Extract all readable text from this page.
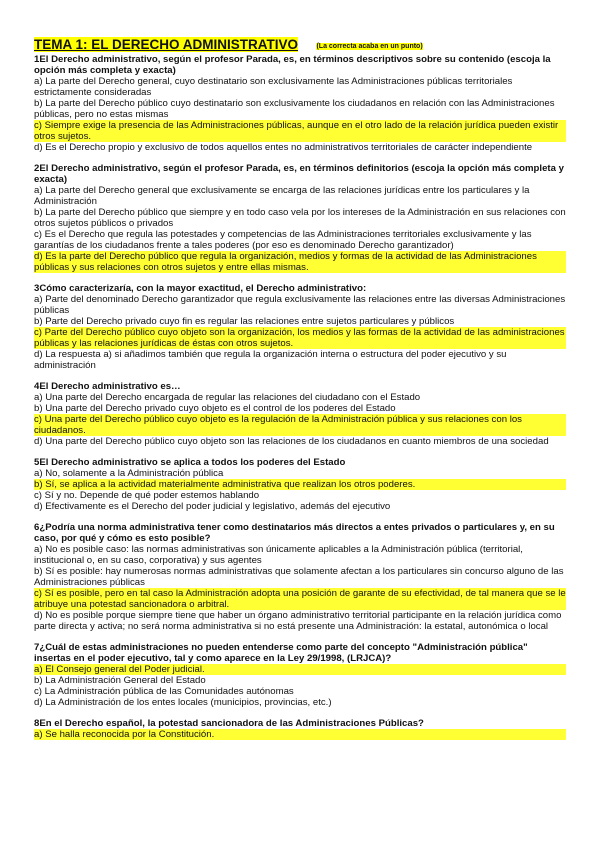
TEMA 1: EL DERECHO ADMINISTRATIVO	(La correcta acaba en un punto)
1El Derecho administrativo, según el profesor Parada, es, en términos descriptivos sobre su contenido (escoja la opción más completa y exacta)
a) La parte del Derecho general, cuyo destinatario son exclusivamente las Administraciones públicas territoriales estrictamente consideradas
b) La parte del Derecho público cuyo destinatario son exclusivamente los ciudadanos en relación con las Administraciones públicas, pero no estas mismas
c) Siempre exige la presencia de las Administraciones públicas, aunque en el otro lado de la relación jurídica pueden existir otros sujetos.
d) Es el Derecho propio y exclusivo de todos aquellos entes no administrativos territoriales de carácter independiente
2El Derecho administrativo, según el profesor Parada, es, en términos definitorios (escoja la opción más completa y exacta)
a) La parte del Derecho general que exclusivamente se encarga de las relaciones jurídicas entre los particulares y la Administración
b) La parte del Derecho público que siempre y en todo caso vela por los intereses de la Administración en sus relaciones con otros sujetos públicos o privados
c) Es el Derecho que regula las potestades y competencias de las Administraciones territoriales exclusivamente y las garantías de los ciudadanos frente a tales poderes (por eso es denominado Derecho garantizador)
d) Es la parte del Derecho público que regula la organización, medios y formas de la actividad de las Administraciones públicas y sus relaciones con otros sujetos y entre ellas mismas.
3Cómo caracterizaría, con la mayor exactitud, el Derecho administrativo:
a) Parte del denominado Derecho garantizador que regula exclusivamente las relaciones entre las diversas Administraciones públicas
b) Parte del Derecho privado cuyo fin es regular las relaciones entre sujetos particulares y públicos
c) Parte del Derecho público cuyo objeto son la organización, los medios y las formas de la actividad de las administraciones públicas y las relaciones jurídicas de éstas con otros sujetos.
d) La respuesta a) si añadimos también que regula la organización interna o estructura del poder ejecutivo y su administración
4El Derecho administrativo es…
a) Una parte del Derecho encargada de regular las relaciones del ciudadano con el Estado
b) Una parte del Derecho privado cuyo objeto es el control de los poderes del Estado
c) Una parte del Derecho público cuyo objeto es la regulación de la Administración pública y sus relaciones con los ciudadanos.
d) Una parte del Derecho público cuyo objeto son las relaciones de los ciudadanos en cuanto miembros de una sociedad
5El Derecho administrativo se aplica a todos los poderes del Estado
a) No, solamente a la Administración pública
b) Sí, se aplica a la actividad materialmente administrativa que realizan los otros poderes.
c) Sí y no. Depende de qué poder estemos hablando
d) Efectivamente es el Derecho del poder judicial y legislativo, además del ejecutivo
6¿Podría una norma administrativa tener como destinatarios más directos a entes privados o particulares y, en su caso, por qué y cómo es esto posible?
a) No es posible caso: las normas administrativas son únicamente aplicables a la Administración pública (territorial, institucional o, en su caso, corporativa) y sus agentes
b) Sí es posible: hay numerosas normas administrativas que solamente afectan a los particulares sin concurso alguno de las Administraciones públicas
c) Sí es posible, pero en tal caso la Administración adopta una posición de garante de su efectividad, de tal manera que se le atribuye una potestad sancionadora o arbitral.
d) No es posible porque siempre tiene que haber un órgano administrativo territorial participante en la relación jurídica como parte directa y activa; no será norma administrativa si no está presente una Administración: la estatal, autonómica o local
7¿Cuál de estas administraciones no pueden entenderse como parte del concepto "Administración pública" insertas en el poder ejecutivo, tal y como aparece en la Ley 29/1998, (LRJCA)?
a) El Consejo general del Poder judicial.
b) La Administración General del Estado
c) La Administración pública de las Comunidades autónomas
d) La Administración de los entes locales (municipios, provincias, etc.)
8En el Derecho español, la potestad sancionadora de las Administraciones Públicas?
a) Se halla reconocida por la Constitución.
